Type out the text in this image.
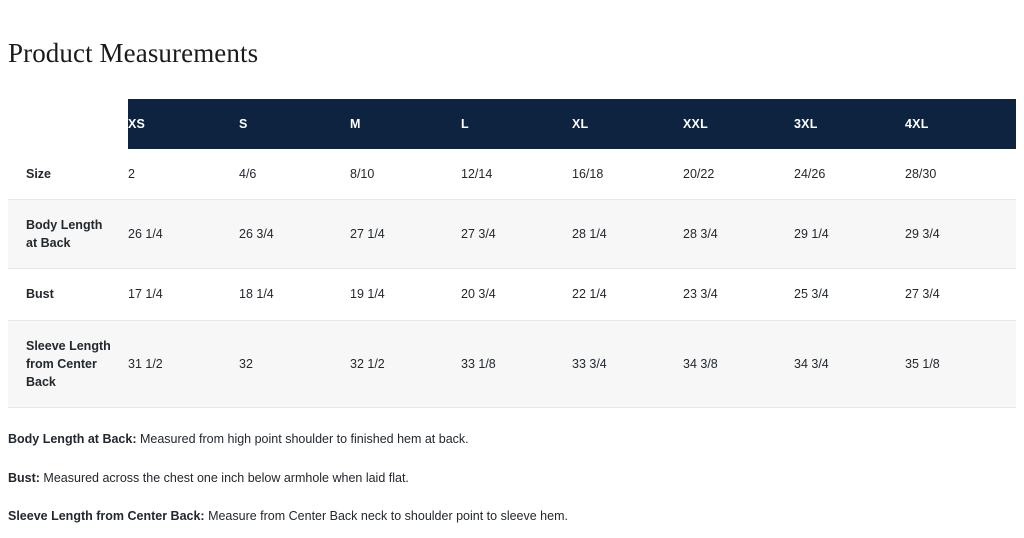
Product Measurements
	XS	S	M	L	XL	XXL	3XL	4XL
Size	2	4/6	8/10	12/14	16/18	20/22	24/26	28/30
Body Length at Back	26 1/4	26 3/4	27 1/4	27 3/4	28 1/4	28 3/4	29 1/4	29 3/4
Bust	17 1/4	18 1/4	19 1/4	20 3/4	22 1/4	23 3/4	25 3/4	27 3/4
Sleeve Length from Center Back	31 1/2	32	32 1/2	33 1/8	33 3/4	34 3/8	34 3/4	35 1/8

Body Length at Back: Measured from high point shoulder to finished hem at back.

Bust: Measured across the chest one inch below armhole when laid flat.

Sleeve Length from Center Back: Measure from Center Back neck to shoulder point to sleeve hem.
